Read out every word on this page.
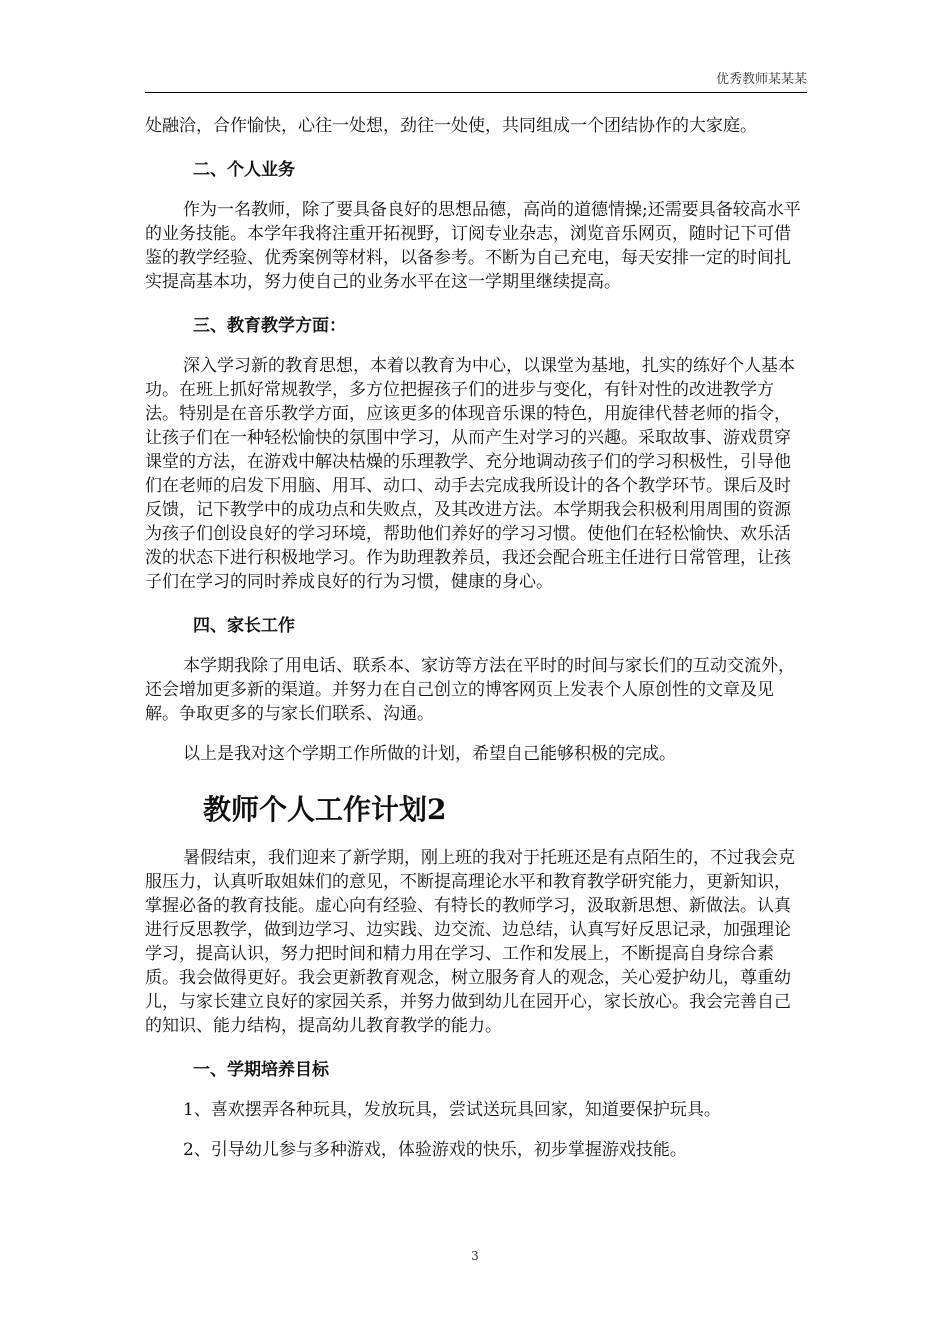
优秀教师某某某

处融洽，合作愉快，心往一处想，劲往一处使，共同组成一个团结协作的大家庭。

二、个人业务

作为一名教师，除了要具备良好的思想品德，高尚的道德情操;还需要具备较高水平的业务技能。本学年我将注重开拓视野，订阅专业杂志，浏览音乐网页，随时记下可借鉴的教学经验、优秀案例等材料，以备参考。不断为自己充电，每天安排一定的时间扎实提高基本功，努力使自己的业务水平在这一学期里继续提高。

三、教育教学方面：

深入学习新的教育思想，本着以教育为中心，以课堂为基地，扎实的练好个人基本功。在班上抓好常规教学，多方位把握孩子们的进步与变化，有针对性的改进教学方法。特别是在音乐教学方面，应该更多的体现音乐课的特色，用旋律代替老师的指令，让孩子们在一种轻松愉快的氛围中学习，从而产生对学习的兴趣。采取故事、游戏贯穿课堂的方法，在游戏中解决枯燥的乐理教学、充分地调动孩子们的学习积极性，引导他们在老师的启发下用脑、用耳、动口、动手去完成我所设计的各个教学环节。课后及时反馈，记下教学中的成功点和失败点，及其改进方法。本学期我会积极利用周围的资源为孩子们创设良好的学习环境，帮助他们养好的学习习惯。使他们在轻松愉快、欢乐活泼的状态下进行积极地学习。作为助理教养员，我还会配合班主任进行日常管理，让孩子们在学习的同时养成良好的行为习惯，健康的身心。

四、家长工作

本学期我除了用电话、联系本、家访等方法在平时的时间与家长们的互动交流外，还会增加更多新的渠道。并努力在自己创立的博客网页上发表个人原创性的文章及见解。争取更多的与家长们联系、沟通。

以上是我对这个学期工作所做的计划，希望自己能够积极的完成。

教师个人工作计划2

暑假结束，我们迎来了新学期，刚上班的我对于托班还是有点陌生的，不过我会克服压力，认真听取姐妹们的意见，不断提高理论水平和教育教学研究能力，更新知识，掌握必备的教育技能。虚心向有经验、有特长的教师学习，汲取新思想、新做法。认真进行反思教学，做到边学习、边实践、边交流、边总结，认真写好反思记录，加强理论学习，提高认识，努力把时间和精力用在学习、工作和发展上，不断提高自身综合素质。我会做得更好。我会更新教育观念，树立服务育人的观念，关心爱护幼儿，尊重幼儿，与家长建立良好的家园关系，并努力做到幼儿在园开心，家长放心。我会完善自己的知识、能力结构，提高幼儿教育教学的能力。

一、学期培养目标

1、喜欢摆弄各种玩具，发放玩具，尝试送玩具回家，知道要保护玩具。

2、引导幼儿参与多种游戏，体验游戏的快乐，初步掌握游戏技能。

3
